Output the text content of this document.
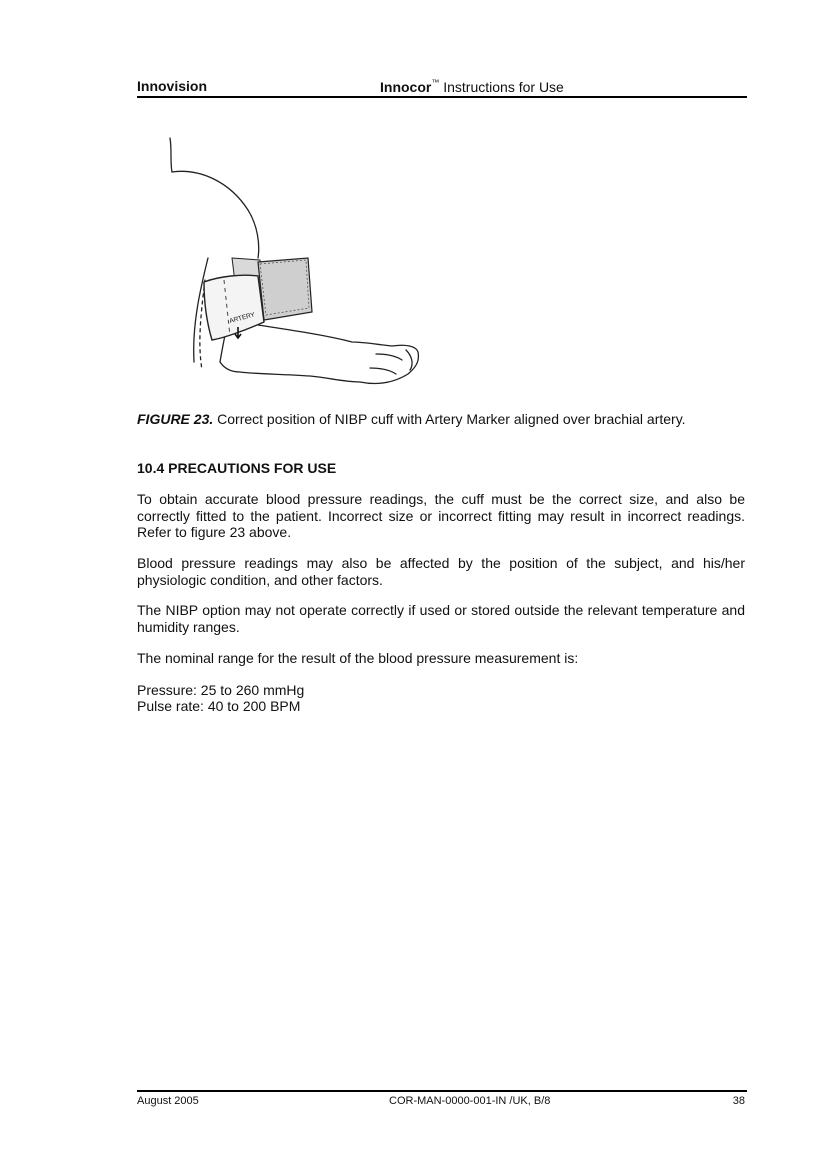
Innovision	Innocor™ Instructions for Use
ARTERY
FIGURE 23. Correct position of NIBP cuff with Artery Marker aligned over brachial artery.
10.4 PRECAUTIONS FOR USE

To obtain accurate blood pressure readings, the cuff must be the correct size, and also be correctly fitted to the patient. Incorrect size or incorrect fitting may result in incorrect readings. Refer to figure 23 above.

Blood pressure readings may also be affected by the position of the subject, and his/her physiologic condition, and other factors.

The NIBP option may not operate correctly if used or stored outside the relevant temperature and humidity ranges.

The nominal range for the result of the blood pressure measurement is:

Pressure: 25 to 260 mmHg

Pulse rate: 40 to 200 BPM

August 2005	COR-MAN-0000-001-IN /UK, B/8	38
